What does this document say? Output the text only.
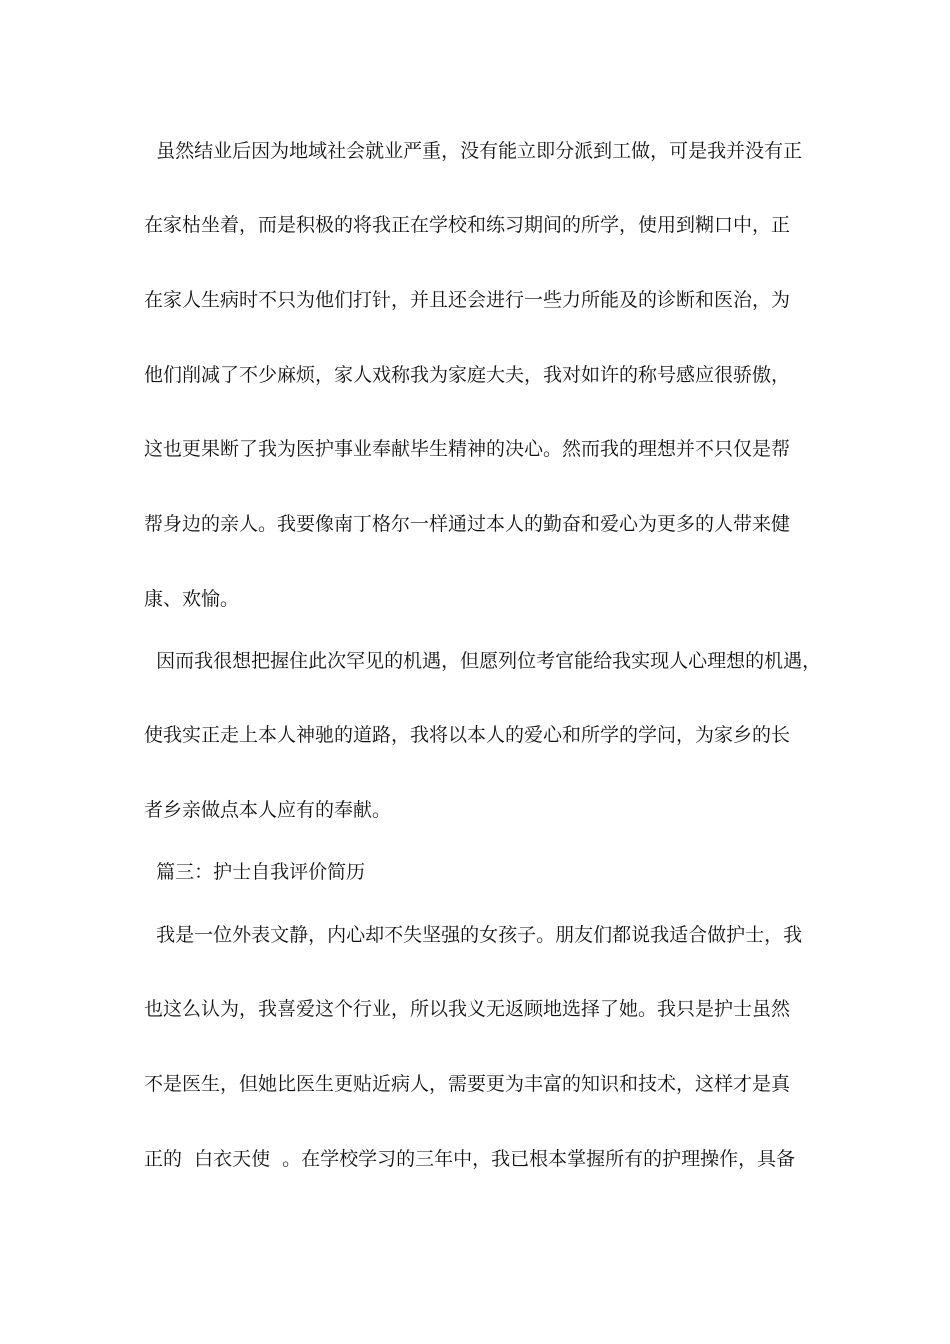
虽然结业后因为地域社会就业严重，没有能立即分派到工做，可是我并没有正
在家枯坐着，而是积极的将我正在学校和练习期间的所学，使用到糊口中，正
在家人生病时不只为他们打针，并且还会进行一些力所能及的诊断和医治，为
他们削减了不少麻烦，家人戏称我为家庭大夫，我对如许的称号感应很骄傲，
这也更果断了我为医护事业奉献毕生精神的决心。然而我的理想并不只仅是帮
帮身边的亲人。我要像南丁格尔一样通过本人的勤奋和爱心为更多的人带来健
康、欢愉。
因而我很想把握住此次罕见的机遇，但愿列位考官能给我实现人心理想的机遇，
使我实正走上本人神驰的道路，我将以本人的爱心和所学的学问，为家乡的长
者乡亲做点本人应有的奉献。
篇三：护士自我评价简历
我是一位外表文静，内心却不失坚强的女孩子。朋友们都说我适合做护士，我
也这么认为，我喜爱这个行业，所以我义无返顾地选择了她。我只是护士虽然
不是医生，但她比医生更贴近病人，需要更为丰富的知识和技术，这样才是真
正的  白衣天使  。在学校学习的三年中，我已根本掌握所有的护理操作，具备
